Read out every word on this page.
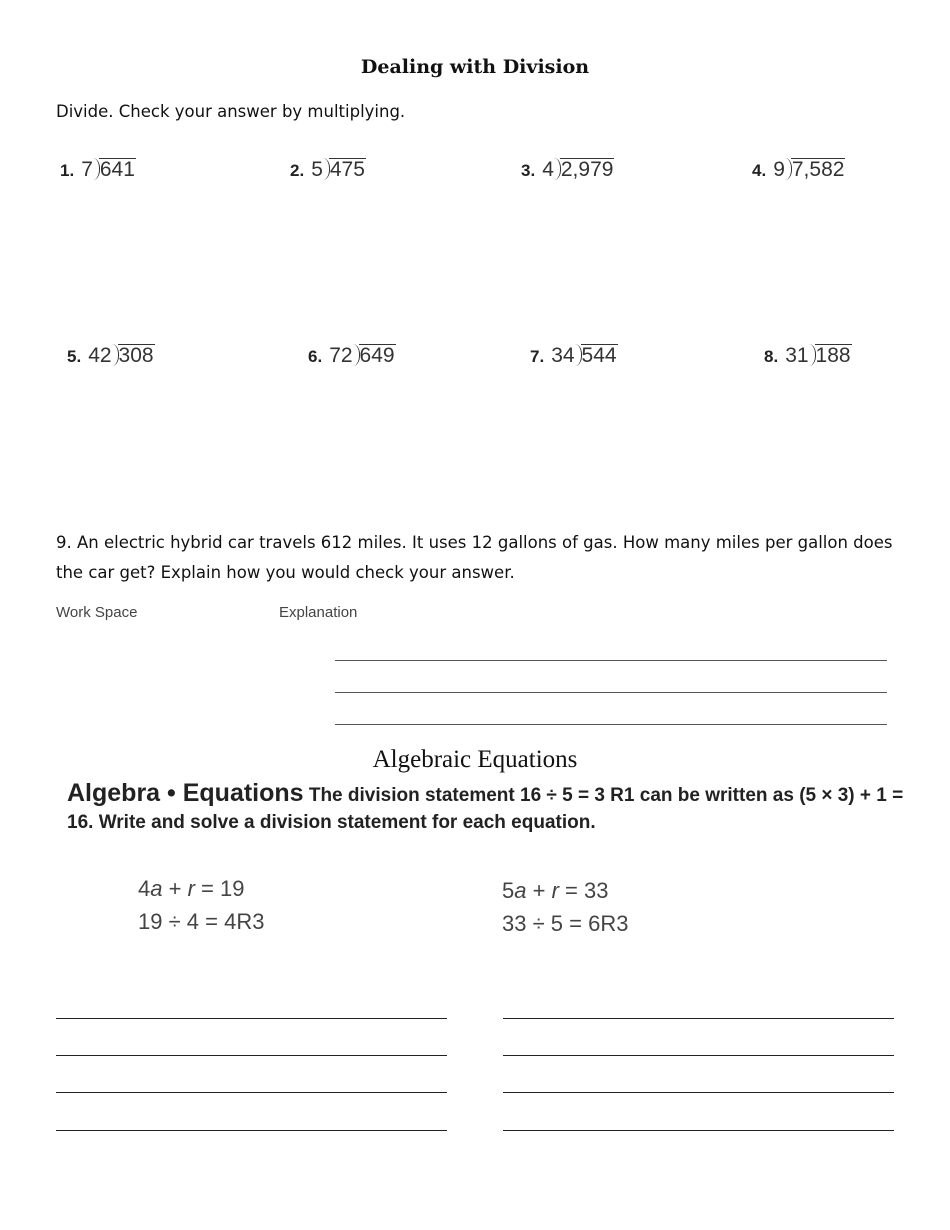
Dealing with Division
Divide. Check your answer by multiplying.
1. 7 641	2. 5 475	3. 4 2,979	4. 9 7,582
5. 42 308	6. 72 649	7. 34 544	8. 31 188
9. An electric hybrid car travels 612 miles. It uses 12 gallons of gas. How many miles per gallon does the car get? Explain how you would check your answer.
Work Space	Explanation
Algebraic Equations
Algebra • Equations The division statement 16 ÷ 5 = 3 R1 can be written as (5 × 3) + 1 = 16. Write and solve a division statement for each equation.
4a + r = 19
19 ÷ 4 = 4R3
5a + r = 33
33 ÷ 5 = 6R3
